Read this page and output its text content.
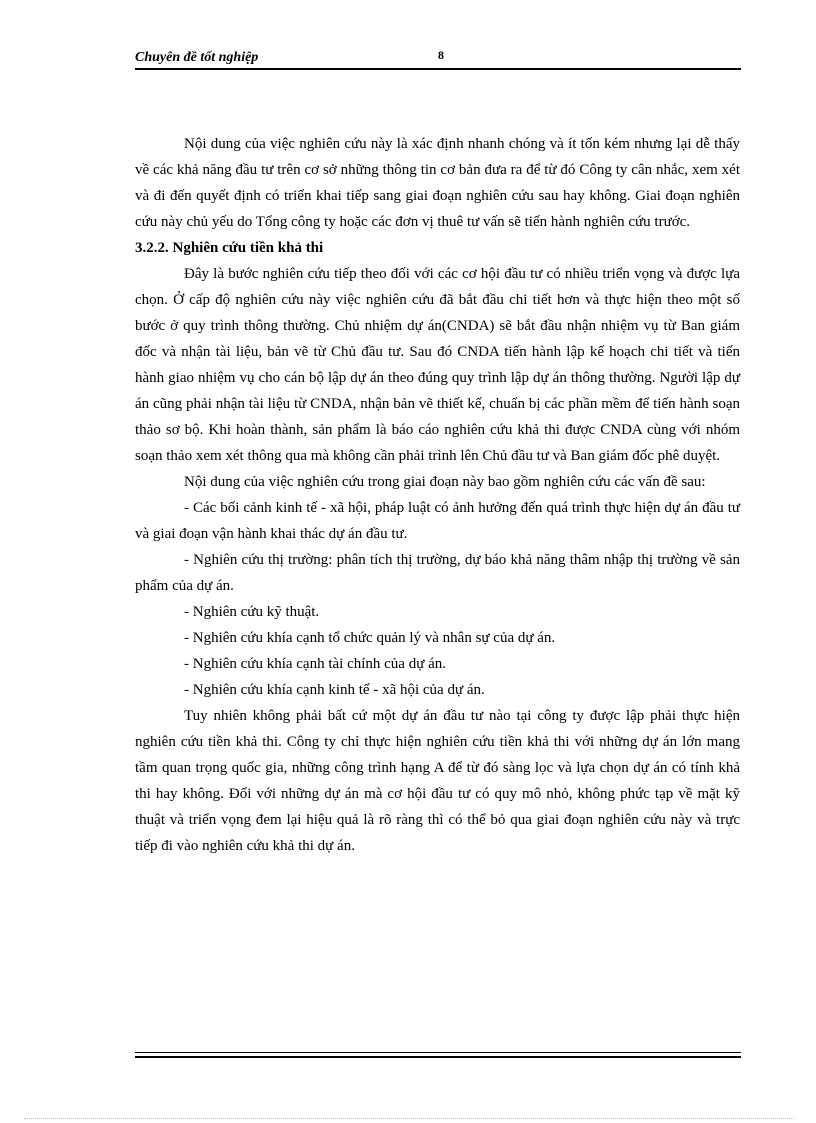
Chuyên đề tốt nghiệp	8

Nội dung của việc nghiên cứu này là xác định nhanh chóng và ít tốn kém nhưng lại dễ thấy về các khả năng đầu tư trên cơ sở những thông tin cơ bản đưa ra để từ đó Công ty cân nhắc, xem xét và đi đến quyết định có triển khai tiếp sang giai đoạn nghiên cứu sau hay không. Giai đoạn nghiên cứu này chủ yếu do Tổng công ty hoặc các đơn vị thuê tư vấn sẽ tiến hành nghiên cứu trước.

3.2.2. Nghiên cứu tiền khả thi

Đây là bước nghiên cứu tiếp theo đối với các cơ hội đầu tư có nhiều triển vọng và được lựa chọn. Ở cấp độ nghiên cứu này việc nghiên cứu đã bắt đầu chi tiết hơn và thực hiện theo một số bước ở quy trình thông thường. Chủ nhiệm dự án(CNDA) sẽ bắt đầu nhận nhiệm vụ từ Ban giám đốc và nhận tài liệu, bản vẽ từ Chủ đầu tư. Sau đó CNDA tiến hành lập kế hoạch chi tiết và tiến hành giao nhiệm vụ cho cán bộ lập dự án theo đúng quy trình lập dự án thông thường. Người lập dự án cũng phải nhận tài liệu từ CNDA, nhận bản vẽ thiết kế, chuẩn bị các phần mềm để tiến hành soạn thảo sơ bộ. Khi hoàn thành, sản phẩm là báo cáo nghiên cứu khả thi được CNDA cùng với nhóm soạn thảo xem xét thông qua mà không cần phải trình lên Chủ đầu tư và Ban giám đốc phê duyệt.

Nội dung của việc nghiên cứu trong giai đoạn này bao gồm nghiên cứu các vấn đề sau:

- Các bối cảnh kinh tế - xã hội, pháp luật có ảnh hưởng đến quá trình thực hiện dự án đầu tư và giai đoạn vận hành khai thác dự án đầu tư.

- Nghiên cứu thị trường: phân tích thị trường, dự báo khả năng thâm nhập thị trường về sản phẩm của dự án.

- Nghiên cứu kỹ thuật.

- Nghiên cứu khía cạnh tổ chức quản lý và nhân sự của dự án.

- Nghiên cứu khía cạnh tài chính của dự án.

- Nghiên cứu khía cạnh kinh tế - xã hội của dự án.

Tuy nhiên không phải bất cứ một dự án đầu tư nào tại công ty được lập phải thực hiện nghiên cứu tiền khả thi. Công ty chỉ thực hiện nghiên cứu tiền khả thi với những dự án lớn mang tầm quan trọng quốc gia, những công trình hạng A để từ đó sàng lọc và lựa chọn dự án có tính khả thi hay không. Đối với những dự án mà cơ hội đầu tư có quy mô nhỏ, không phức tạp về mặt kỹ thuật và triển vọng đem lại hiệu quả là rõ ràng thì có thể bỏ qua giai đoạn nghiên cứu này và trực tiếp đi vào nghiên cứu khả thi dự án.
